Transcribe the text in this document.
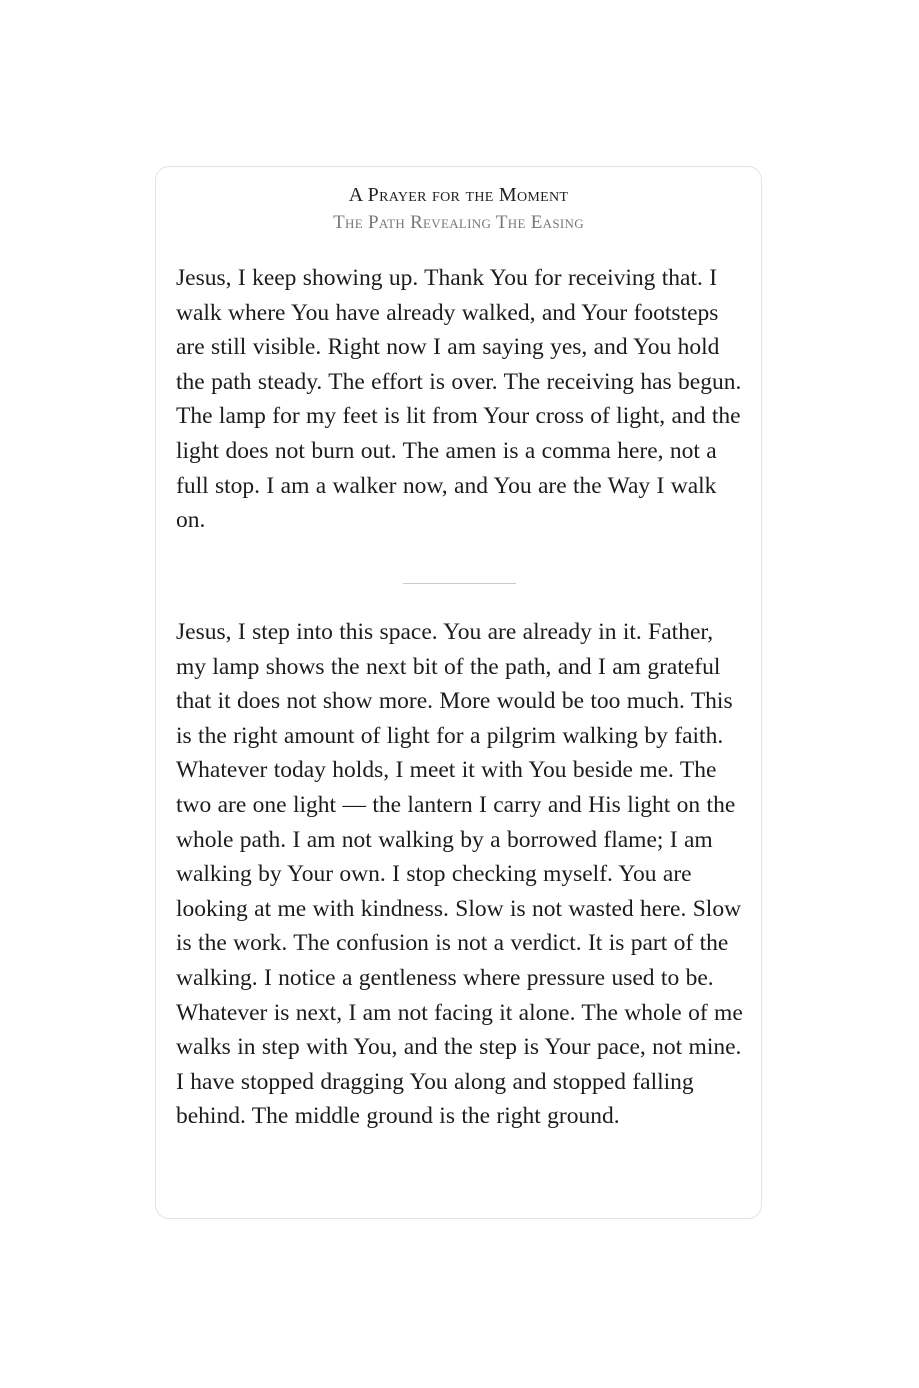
A Prayer for the Moment
The Path Revealing The Easing

Jesus, I keep showing up. Thank You for receiving that. I walk where You have already walked, and Your footsteps are still visible. Right now I am saying yes, and You hold the path steady. The effort is over. The receiving has begun. The lamp for my feet is lit from Your cross of light, and the light does not burn out. The amen is a comma here, not a full stop. I am a walker now, and You are the Way I walk on.

Jesus, I step into this space. You are already in it. Father, my lamp shows the next bit of the path, and I am grateful that it does not show more. More would be too much. This is the right amount of light for a pilgrim walking by faith. Whatever today holds, I meet it with You beside me. The two are one light — the lantern I carry and His light on the whole path. I am not walking by a borrowed flame; I am walking by Your own. I stop checking myself. You are looking at me with kindness. Slow is not wasted here. Slow is the work. The confusion is not a verdict. It is part of the walking. I notice a gentleness where pressure used to be. Whatever is next, I am not facing it alone. The whole of me walks in step with You, and the step is Your pace, not mine. I have stopped dragging You along and stopped falling behind. The middle ground is the right ground.
